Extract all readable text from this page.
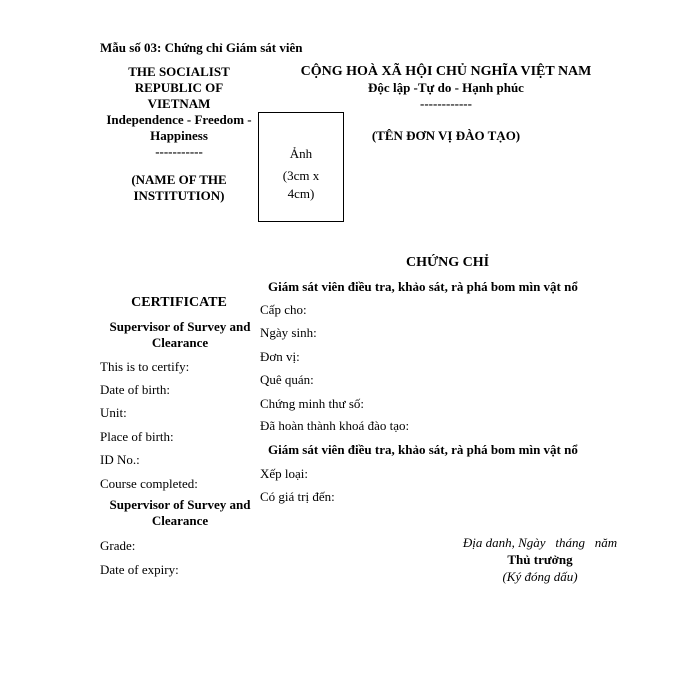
Mẫu số 03: Chứng chỉ Giám sát viên
THE SOCIALIST
REPUBLIC OF
VIETNAM
Independence - Freedom -
Happiness
-----------
(NAME OF THE
INSTITUTION)
CỘNG HOÀ XÃ HỘI CHỦ NGHĨA VIỆT NAM
Độc lập -Tự do - Hạnh phúc
------------
(TÊN ĐƠN VỊ ĐÀO TẠO)
Ảnh
(3cm x
4cm)
CHỨNG CHỈ
Giám sát viên điều tra, khảo sát, rà phá bom mìn vật nổ
CERTIFICATE
Supervisor of Survey and
Clearance
Cấp cho:
Ngày sinh:
Đơn vị:
Quê quán:
Chứng minh thư số:
Đã hoàn thành khoá đào tạo:
Giám sát viên điều tra, khảo sát, rà phá bom mìn vật nổ
Xếp loại:
Có giá trị đến:
This is to certify:
Date of birth:
Unit:
Place of birth:
ID No.:
Course completed:
Supervisor of Survey and
Clearance
Grade:
Date of expiry:
Địa danh, Ngày   tháng   năm
Thủ trưởng
(Ký đóng dấu)
